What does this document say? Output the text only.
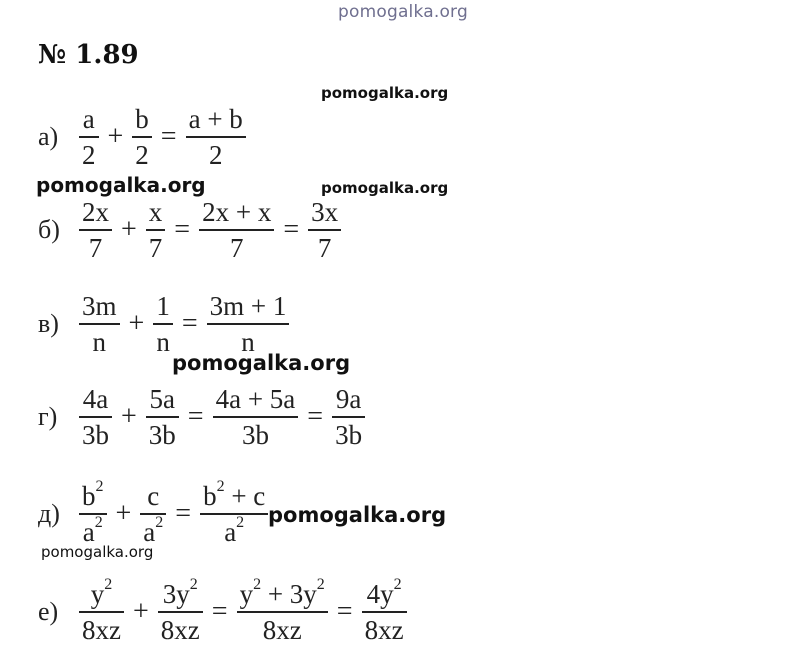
pomogalka.org
pomogalka.org
pomogalka.org	pomogalka.org
pomogalka.org
pomogalka.org
pomogalka.org
№ 1.89
$а) \frac{a}{2} + \frac{b}{2} = \frac{a + b}{2}$
$б) \frac{2x}{7} + \frac{x}{7} = \frac{2x + x}{7} = \frac{3x}{7}$
$в) \frac{3m}{n} + \frac{1}{n} = \frac{3m + 1}{n}$
$г) \frac{4a}{3b} + \frac{5a}{3b} = \frac{4a + 5a}{3b} = \frac{9a}{3b}$
$д) \frac{b^2}{a^2} + \frac{c}{a^2} = \frac{b^2 + c}{a^2}$
$е) \frac{y^2}{8xz} + \frac{3y^2}{8xz} = \frac{y^2 + 3y^2}{8xz} = \frac{4y^2}{8xz}$
